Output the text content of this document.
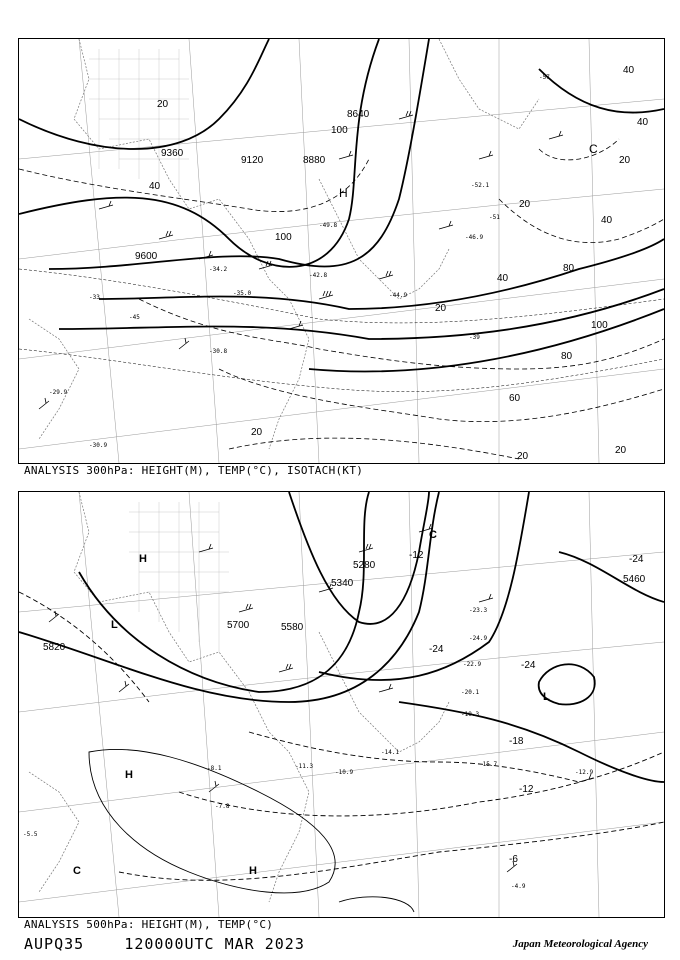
9360
9120	8880
8640
9600
20
40
60
80
100
20
20
20
40
20
40
40
100
100
40
80
20
20
C
H
-45
-51
-57
-39
-33
-29.9
-30.9
-34.2
-35.0
-42.8
-44.9
-46.9
-49.8
-52.1
-30.8
ANALYSIS 300hPa: HEIGHT(M), TEMP(°C), ISOTACH(KT)
5820
5700	5580
5460
5340
5280
-6
-12
-18
-24
-24
-24
-12
H
H
H
L
L
C
C
-14.1
-15.7
-12.9
-4.9
-22.9
-20.1
-19.3
-23.3
-24.9
-10.9
-11.3
-8.1
-7.8
-5.5
ANALYSIS 500hPa: HEIGHT(M), TEMP(°C)
AUPQ35	120000UTC MAR 2023	Japan Meteorological Agency
